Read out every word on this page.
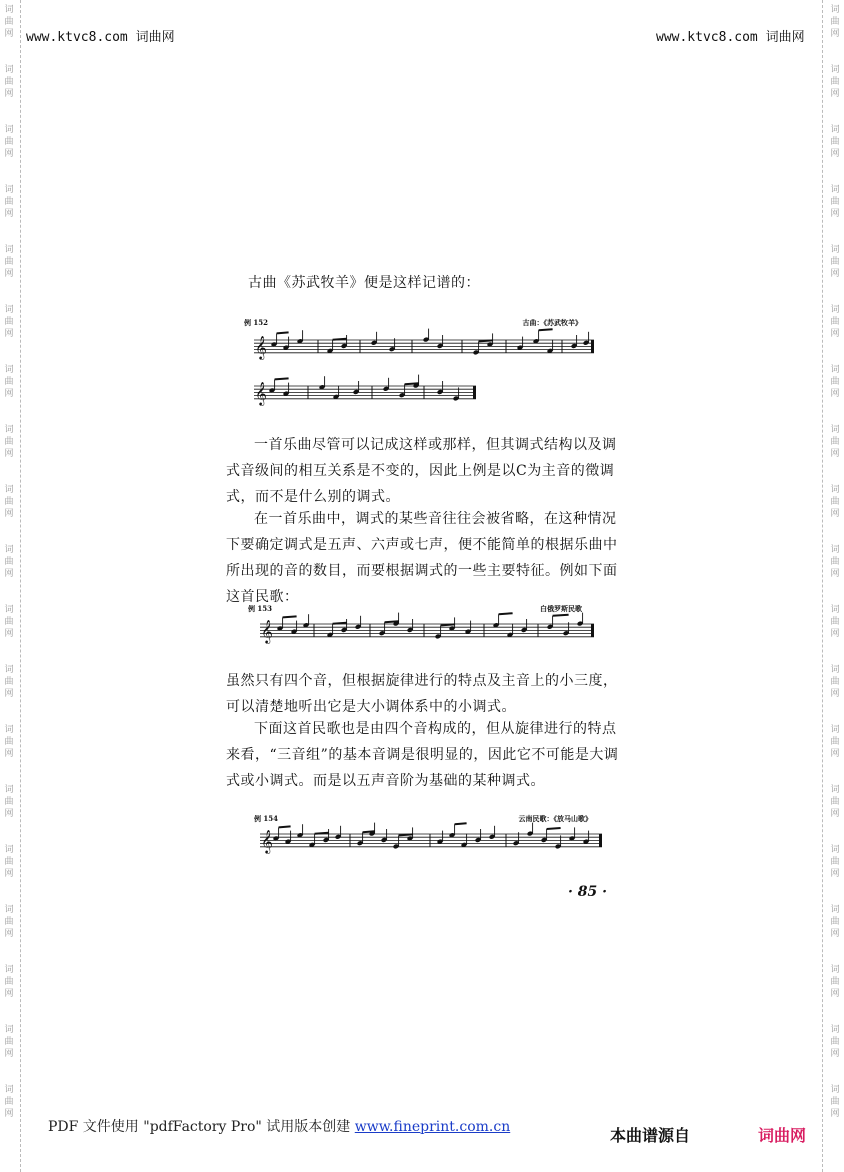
词
曲
网
词
曲
网
词
曲
网
词
曲
网
词
曲
网
词
曲
网
词
曲
网
词
曲
网
词
曲
网
词
曲
网
词
曲
网
词
曲
网
词
曲
网
词
曲
网
词
曲
网
词
曲
网
词
曲
网
词
曲
网
词
曲
网
词
曲
网
词
曲
网
词
曲
网
词
曲
网
词
曲
网
词
曲
网
词
曲
网
词
曲
网
词
曲
网
词
曲
网
词
曲
网
词
曲
网
词
曲
网
词
曲
网
词
曲
网
词
曲
网
词
曲
网
词
曲
网
词
曲
网
www.ktvc8.com 词曲网	www.ktvc8.com 词曲网

古曲《苏武牧羊》便是这样记谱的：

例 152	古曲：《苏武牧羊》
𝄞
𝄞

一首乐曲尽管可以记成这样或那样，但其调式结构以及调式音级间的相互关系是不变的，因此上例是以C为主音的徵调式，而不是什么别的调式。

在一首乐曲中，调式的某些音往往会被省略，在这种情况下要确定调式是五声、六声或七声，便不能简单的根据乐曲中所出现的音的数目，而要根据调式的一些主要特征。例如下面这首民歌：

例 153	白俄罗斯民歌
𝄞

虽然只有四个音，但根据旋律进行的特点及主音上的小三度，可以清楚地听出它是大小调体系中的小调式。

下面这首民歌也是由四个音构成的，但从旋律进行的特点来看，“三音组”的基本音调是很明显的，因此它不可能是大调式或小调式。而是以五声音阶为基础的某种调式。

例 154	云南民歌：《放马山歌》
𝄞
· 85 ·
PDF 文件使用 "pdfFactory Pro" 试用版本创建 www.fineprint.com.cn	本曲谱源自	词曲网
